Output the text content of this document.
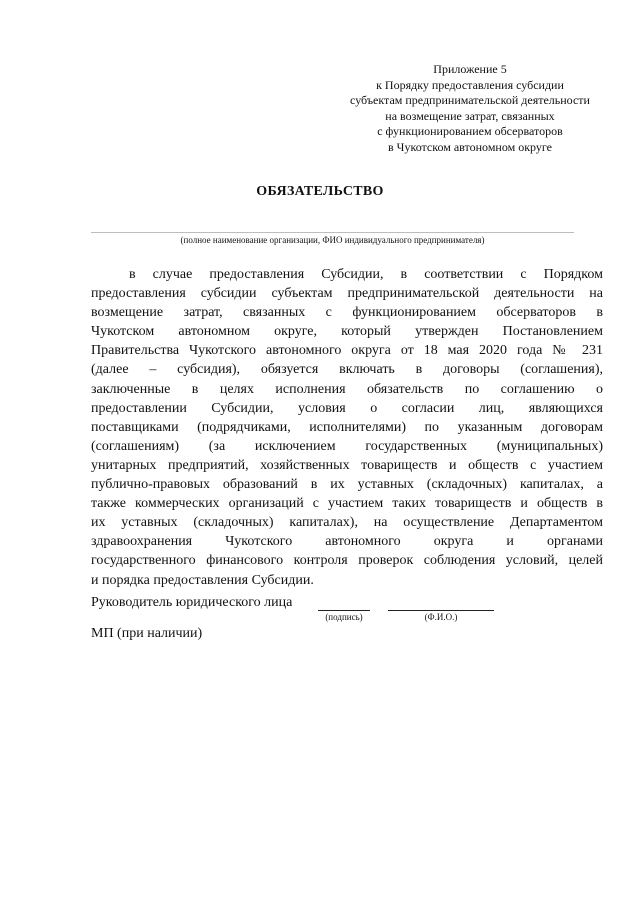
Приложение 5
к Порядку предоставления субсидии
субъектам предпринимательской деятельности
на возмещение затрат, связанных
с функционированием обсерваторов
в Чукотском автономном округе
ОБЯЗАТЕЛЬСТВО
(полное наименование организации, ФИО индивидуального предпринимателя)
в случае предоставления Субсидии, в соответствии с Порядком
предоставления субсидии субъектам предпринимательской деятельности на
возмещение затрат, связанных с функционированием обсерваторов в
Чукотском автономном округе, который утвержден Постановлением
Правительства Чукотского автономного округа от 18 мая 2020 года № 231
(далее – субсидия), обязуется включать в договоры (соглашения),
заключенные в целях исполнения обязательств по соглашению о
предоставлении Субсидии, условия о согласии лиц, являющихся
поставщиками (подрядчиками, исполнителями) по указанным договорам
(соглашениям) (за исключением государственных (муниципальных)
унитарных предприятий, хозяйственных товариществ и обществ с участием
публично-правовых образований в их уставных (складочных) капиталах, а
также коммерческих организаций с участием таких товариществ и обществ в
их уставных (складочных) капиталах), на осуществление Департаментом
здравоохранения Чукотского автономного округа и органами
государственного финансового контроля проверок соблюдения условий, целей
и порядка предоставления Субсидии.
Руководитель юридического лица
(подпись)	(Ф.И.О.)
МП (при наличии)
